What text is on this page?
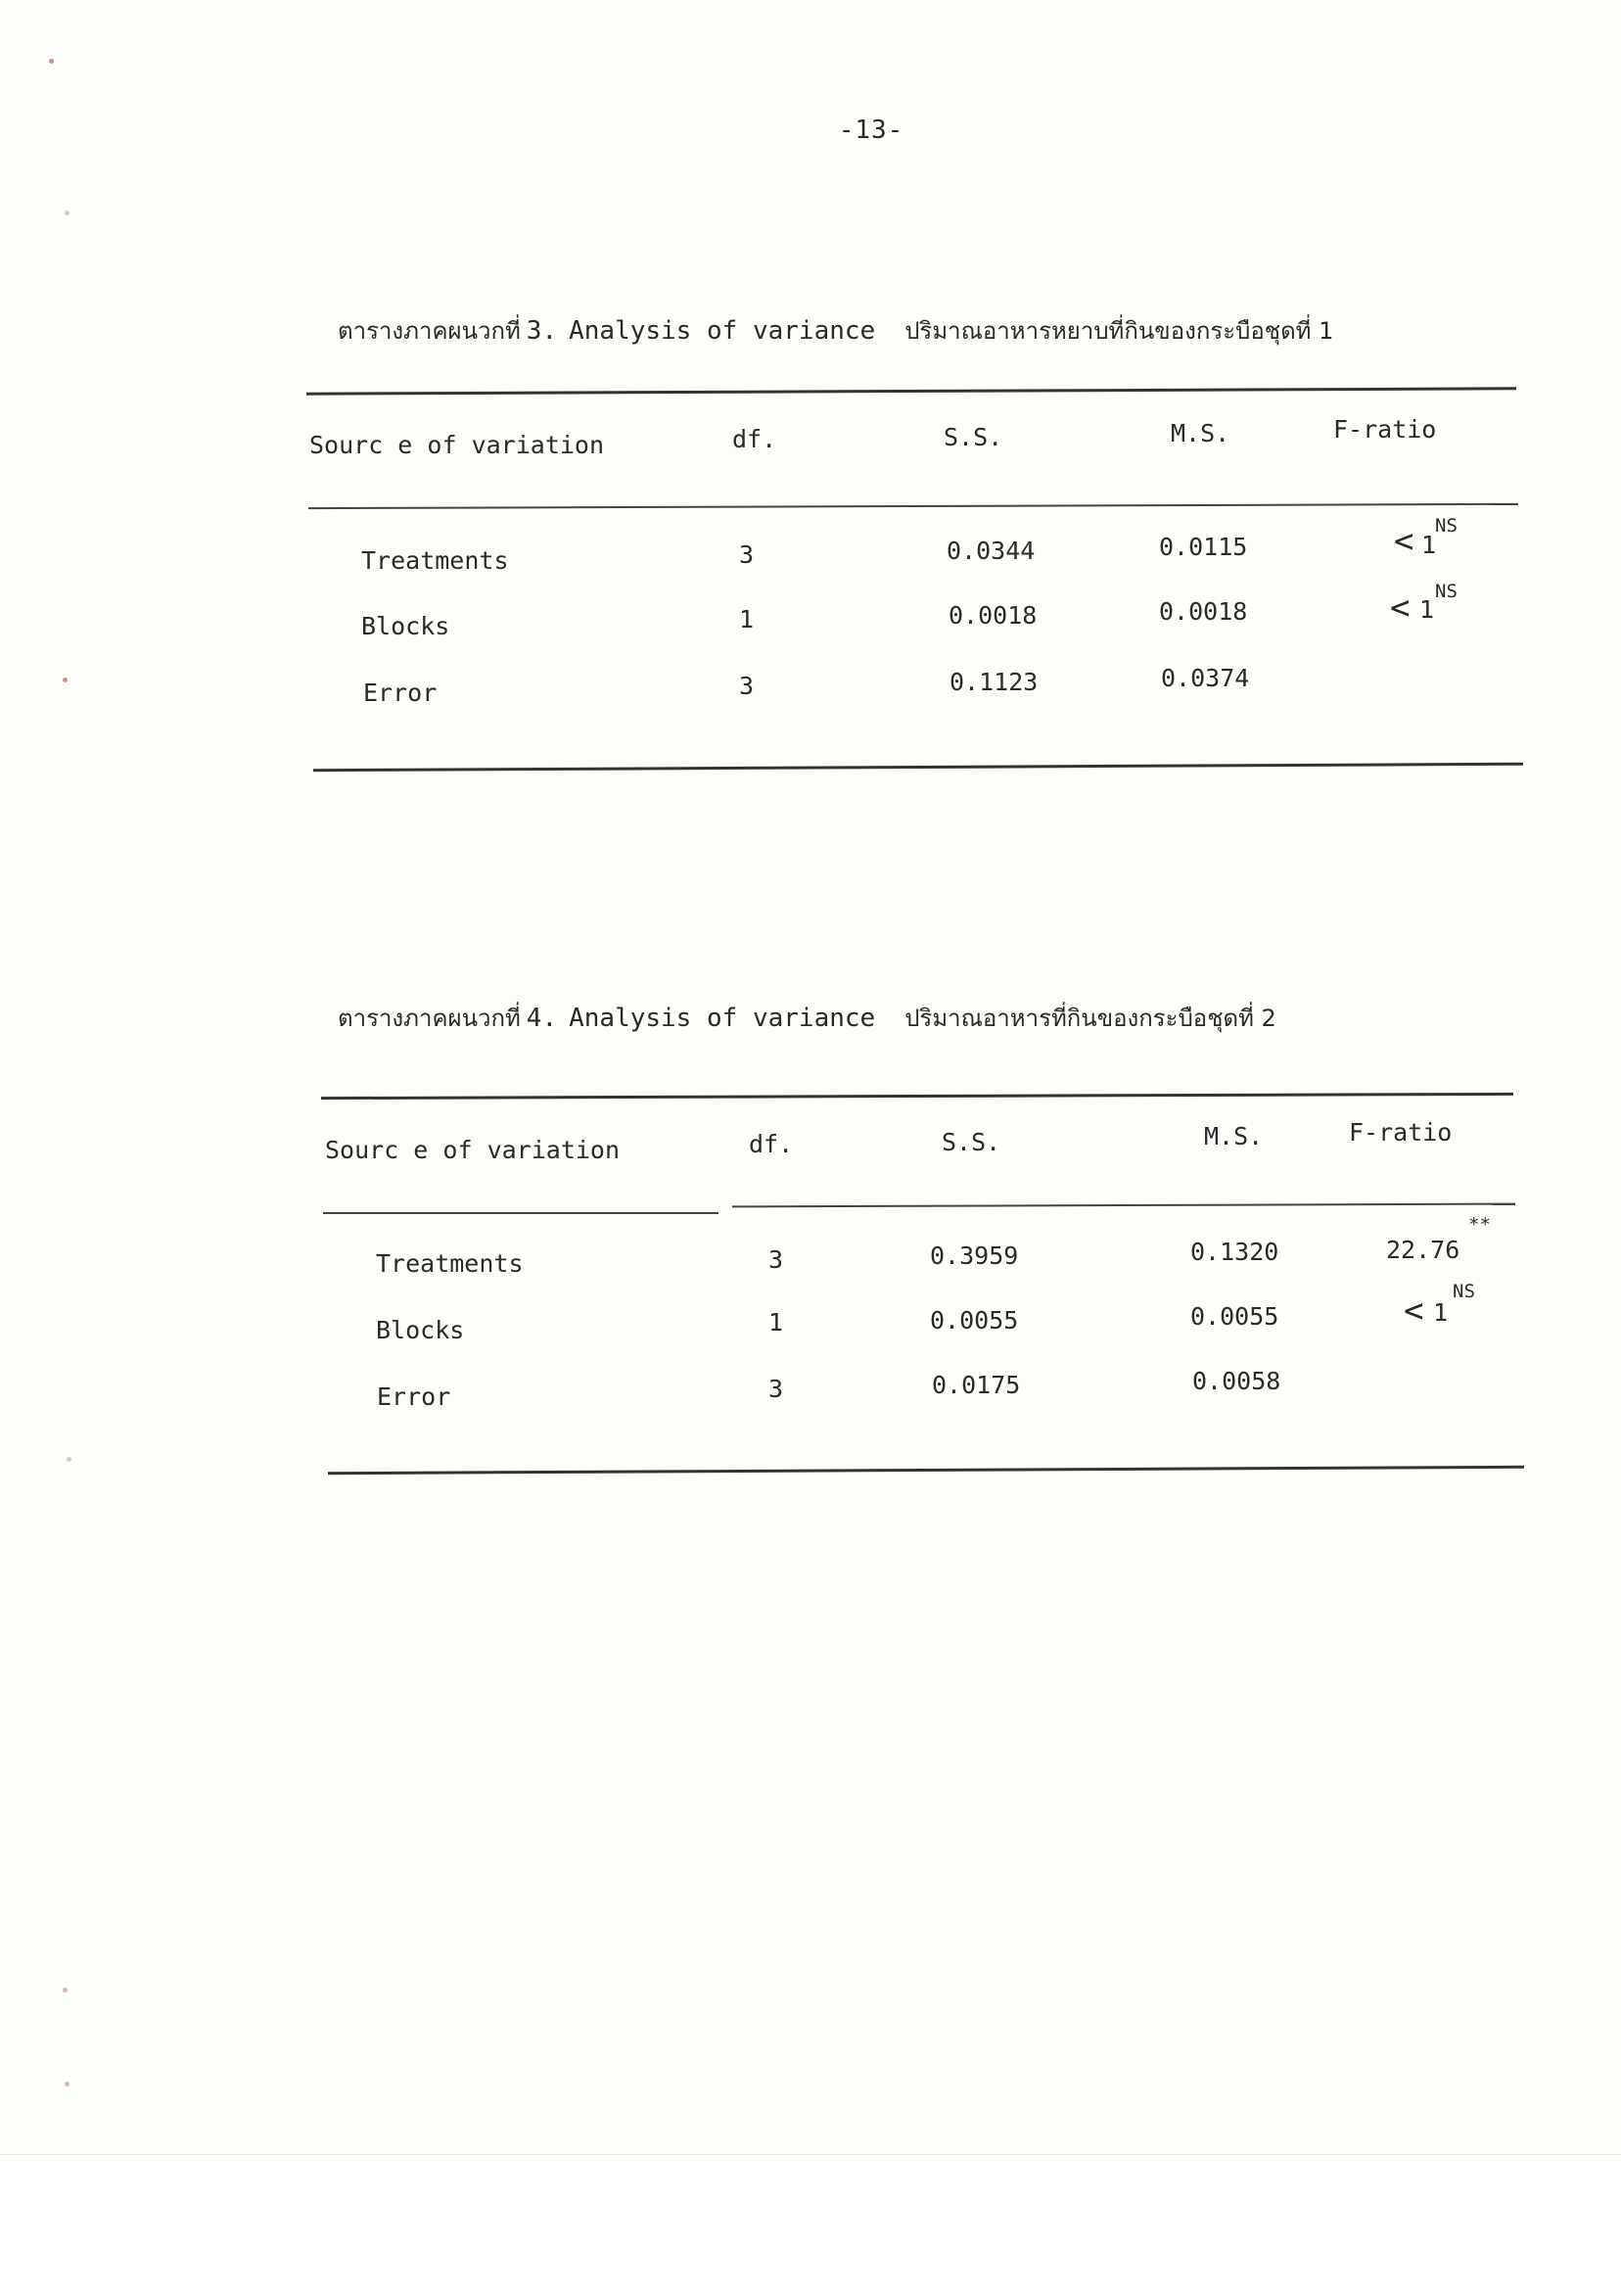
-13-
ตารางภาคผนวกที่ 3. Analysis of variance ปริมาณอาหารหยาบที่กินของกระบือชุดที่ 1
Sourc e of variation	df.	S.S.	M.S.	F-ratio
Treatments	3	0.0344	0.0115	< 1
NS
Blocks	1	0.0018	0.0018	< 1
NS
Error	3	0.1123	0.0374
ตารางภาคผนวกที่ 4. Analysis of variance ปริมาณอาหารที่กินของกระบือชุดที่ 2
Sourc e of variation	df.	S.S.	M.S.	F-ratio
Treatments	3	0.3959	0.1320	22.76
**
Blocks	1	0.0055	0.0055	< 1
NS
Error	3	0.0175	0.0058
